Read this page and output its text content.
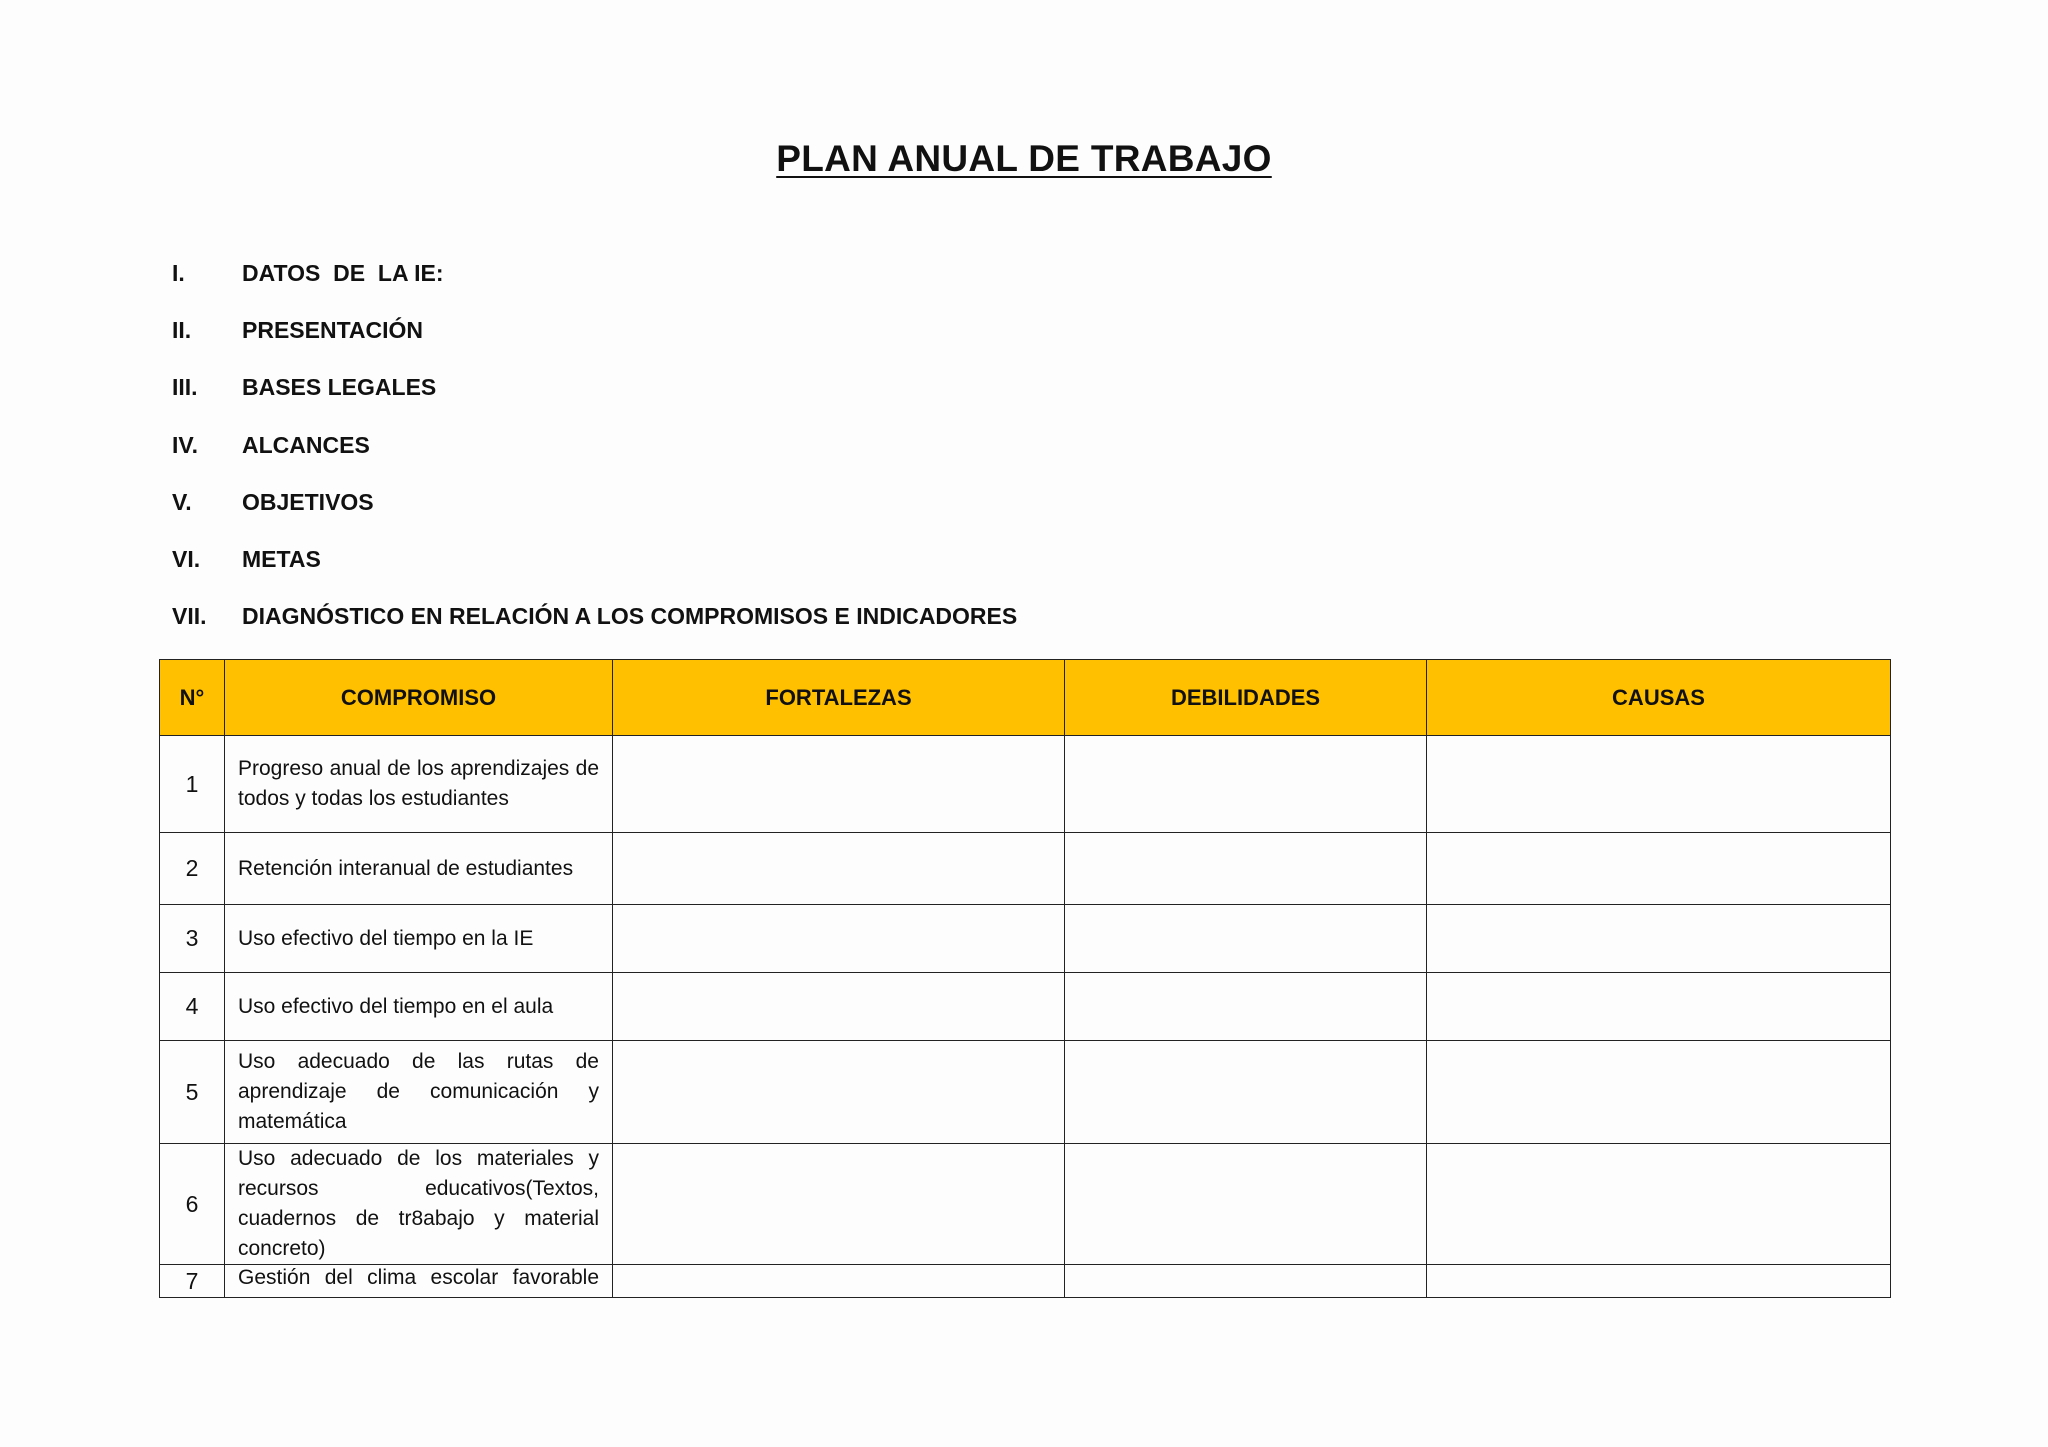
PLAN ANUAL DE TRABAJO
I.	DATOS  DE  LA IE:
II.	PRESENTACIÓN
III.	BASES LEGALES
IV.	ALCANCES
V.	OBJETIVOS
VI.	METAS
VII.	DIAGNÓSTICO EN RELACIÓN A LOS COMPROMISOS E INDICADORES
N°	COMPROMISO	FORTALEZAS	DEBILIDADES	CAUSAS
1	Progreso anual de los aprendizajes de todos y todas los estudiantes			
2	Retención interanual de estudiantes			
3	Uso efectivo del tiempo en la IE			
4	Uso efectivo del tiempo en el aula			
5	Uso adecuado de las rutas de aprendizaje de comunicación y matemática			
6	Uso adecuado de los materiales y recursos educativos(Textos, cuadernos de tr8abajo y material concreto)			
7	Gestión del clima escolar favorable			
